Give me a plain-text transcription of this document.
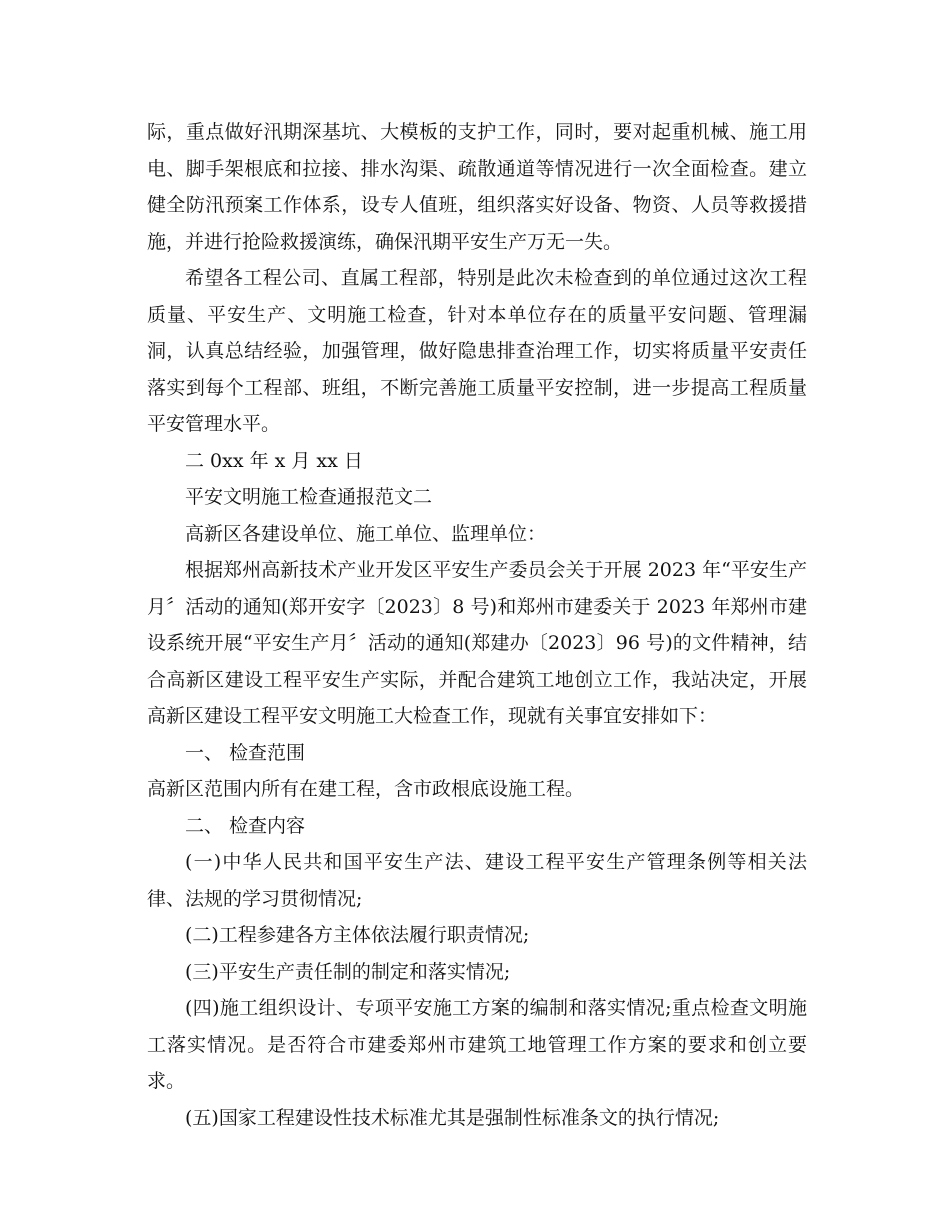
际，重点做好汛期深基坑、大模板的支护工作，同时，要对起重机械、施工用电、脚手架根底和拉接、排水沟渠、疏散通道等情况进行一次全面检查。建立健全防汛预案工作体系，设专人值班，组织落实好设备、物资、人员等救援措施，并进行抢险救援演练，确保汛期平安生产万无一失。

希望各工程公司、直属工程部，特别是此次未检查到的单位通过这次工程质量、平安生产、文明施工检查，针对本单位存在的质量平安问题、管理漏洞，认真总结经验，加强管理，做好隐患排查治理工作，切实将质量平安责任落实到每个工程部、班组，不断完善施工质量平安控制，进一步提高工程质量平安管理水平。

二 0xx 年 x 月 xx 日

平安文明施工检查通报范文二

高新区各建设单位、施工单位、监理单位：

根据郑州高新技术产业开发区平安生产委员会关于开展 2023 年“平安生产月〞活动的通知(郑开安字〔2023〕8 号)和郑州市建委关于 2023 年郑州市建设系统开展“平安生产月〞活动的通知(郑建办〔2023〕96 号)的文件精神，结合高新区建设工程平安生产实际，并配合建筑工地创立工作，我站决定，开展高新区建设工程平安文明施工大检查工作，现就有关事宜安排如下：

一、 检查范围

高新区范围内所有在建工程，含市政根底设施工程。

二、 检查内容

(一)中华人民共和国平安生产法、建设工程平安生产管理条例等相关法律、法规的学习贯彻情况;

(二)工程参建各方主体依法履行职责情况;

(三)平安生产责任制的制定和落实情况;

(四)施工组织设计、专项平安施工方案的编制和落实情况;重点检查文明施工落实情况。是否符合市建委郑州市建筑工地管理工作方案的要求和创立要求。

(五)国家工程建设性技术标准尤其是强制性标准条文的执行情况;
